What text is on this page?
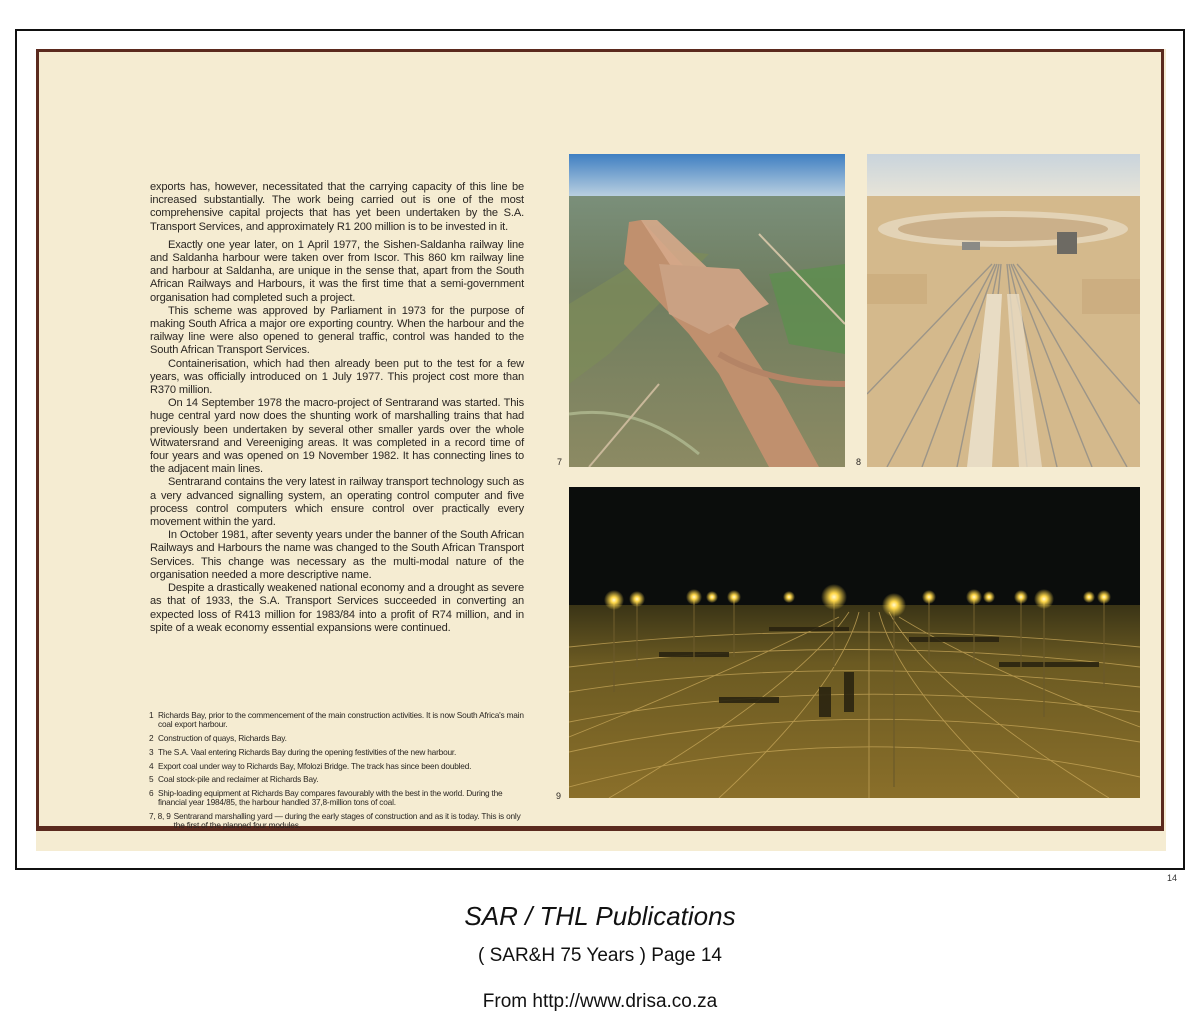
exports has, however, necessitated that the carrying capacity of this line be increased substantially. The work being carried out is one of the most comprehensive capital projects that has yet been undertaken by the S.A. Transport Services, and approximately R1 200 million is to be invested in it.

Exactly one year later, on 1 April 1977, the Sishen-Saldanha railway line and Saldanha harbour were taken over from Iscor. This 860 km railway line and harbour at Saldanha, are unique in the sense that, apart from the South African Railways and Harbours, it was the first time that a semi-government organisation had completed such a project.

This scheme was approved by Parliament in 1973 for the purpose of making South Africa a major ore exporting country. When the harbour and the railway line were also opened to general traffic, control was handed to the South African Transport Services.

Containerisation, which had then already been put to the test for a few years, was officially introduced on 1 July 1977. This project cost more than R370 million.

On 14 September 1978 the macro-project of Sentrarand was started. This huge central yard now does the shunting work of marshalling trains that had previously been undertaken by several other smaller yards over the whole Witwatersrand and Vereeniging areas. It was completed in a record time of four years and was opened on 19 November 1982. It has connecting lines to the adjacent main lines.

Sentrarand contains the very latest in railway transport technology such as a very advanced signalling system, an operating control computer and five process control computers which ensure control over practically every movement within the yard.

In October 1981, after seventy years under the banner of the South African Railways and Harbours the name was changed to the South African Transport Services. This change was necessary as the multi-modal nature of the organisation needed a more descriptive name.

Despite a drastically weakened national economy and a drought as severe as that of 1933, the S.A. Transport Services succeeded in converting an expected loss of R413 million for 1983/84 into a profit of R74 million, and in spite of a weak economy essential expansions were continued.

1 Richards Bay, prior to the commencement of the main construction activities. It is now South Africa's main coal export harbour.
2 Construction of quays, Richards Bay.
3 The S.A. Vaal entering Richards Bay during the opening festivities of the new harbour.
4 Export coal under way to Richards Bay, Mfolozi Bridge. The track has since been doubled.
5 Coal stock-pile and reclaimer at Richards Bay.
6 Ship-loading equipment at Richards Bay compares favourably with the best in the world. During the financial year 1984/85, the harbour handled 37,8-million tons of coal.
7, 8, 9 Sentrarand marshalling yard — during the early stages of construction and as it is today. This is only the first of the planned four modules.
7	8
9
14
SAR / THL Publications
( SAR&H 75 Years ) Page 14
From http://www.drisa.co.za
